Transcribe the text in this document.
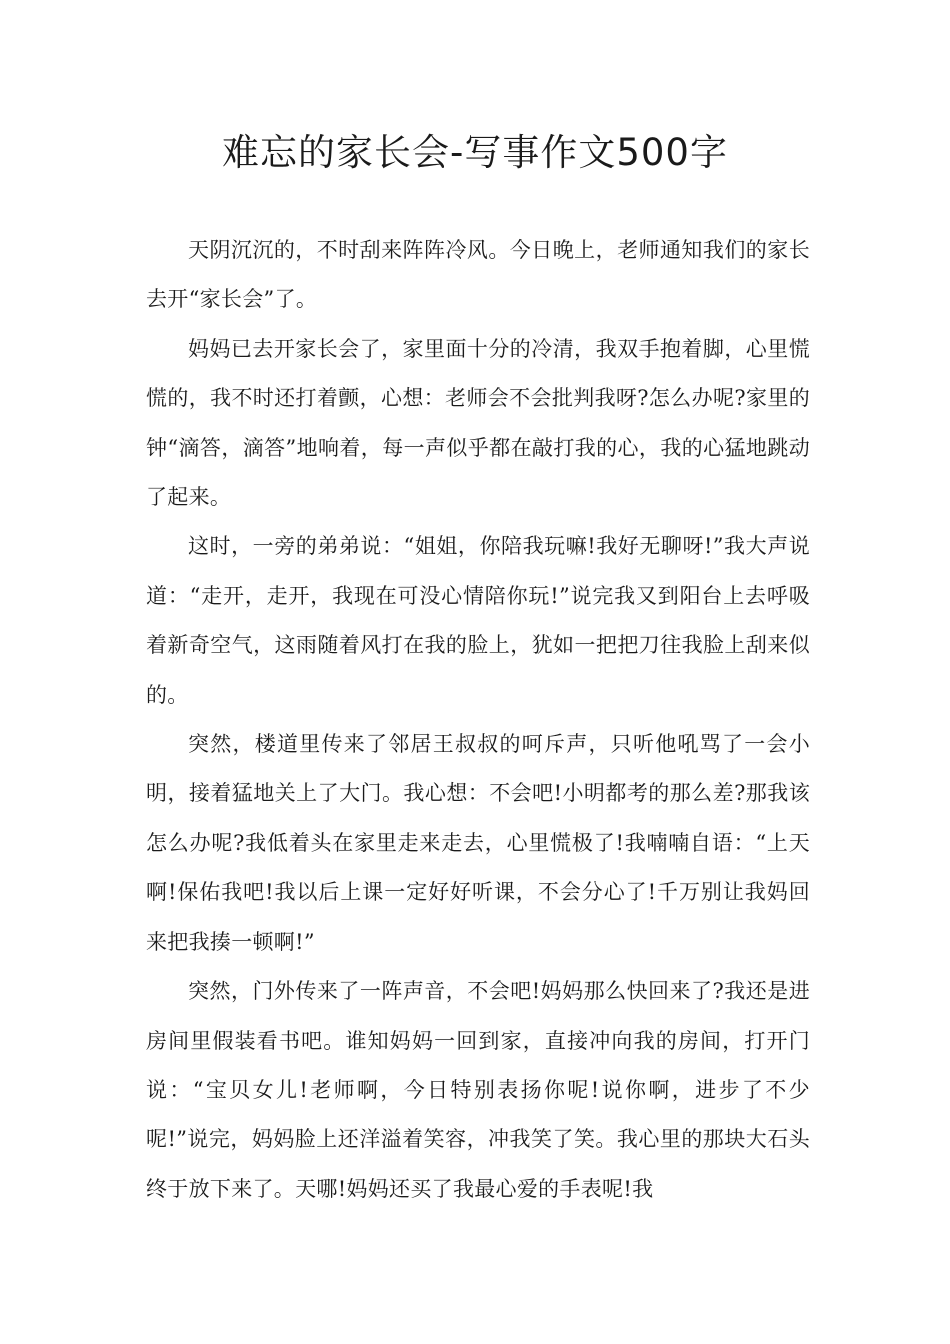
难忘的家长会-写事作文500字

天阴沉沉的，不时刮来阵阵冷风。今日晚上，老师通知我们的家长去开“家长会”了。

妈妈已去开家长会了，家里面十分的冷清，我双手抱着脚，心里慌慌的，我不时还打着颤，心想：老师会不会批判我呀?怎么办呢?家里的钟“滴答，滴答”地响着，每一声似乎都在敲打我的心，我的心猛地跳动了起来。

这时，一旁的弟弟说：“姐姐，你陪我玩嘛!我好无聊呀!”我大声说道：“走开，走开，我现在可没心情陪你玩!”说完我又到阳台上去呼吸着新奇空气，这雨随着风打在我的脸上，犹如一把把刀往我脸上刮来似的。

突然，楼道里传来了邻居王叔叔的呵斥声，只听他吼骂了一会小明，接着猛地关上了大门。我心想：不会吧!小明都考的那么差?那我该怎么办呢?我低着头在家里走来走去，心里慌极了!我喃喃自语：“上天啊!保佑我吧!我以后上课一定好好听课，不会分心了!千万别让我妈回来把我揍一顿啊!”

突然，门外传来了一阵声音，不会吧!妈妈那么快回来了?我还是进房间里假装看书吧。谁知妈妈一回到家，直接冲向我的房间，打开门说：“宝贝女儿!老师啊，今日特别表扬你呢!说你啊，进步了不少呢!”说完，妈妈脸上还洋溢着笑容，冲我笑了笑。我心里的那块大石头终于放下来了。天哪!妈妈还买了我最心爱的手表呢!我
